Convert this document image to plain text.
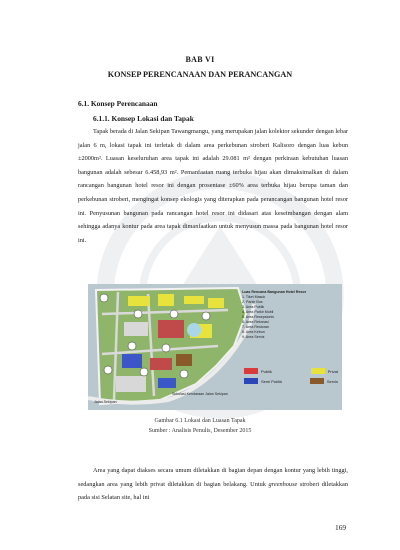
BAB VI
KONSEP PERENCANAAN DAN PERANCANGAN
6.1. Konsep Perencanaan
6.1.1. Konsep Lokasi dan Tapak
Tapak berada di Jalan Sekipan Tawangmangu, yang merupakan jalan kolektor sekunder dengan lebar jalan 6 m, lokasi tapak ini terletak di dalam area perkebunan stroberi Kalisoro dengan luas kebun ±2000m². Luasan keseluruhan area tapak ini adalah 29.081 m² dengan perkiraan kebutuhan luasan bangunan adalah sebesar 6.458,93 m². Pemanfaatan ruang terbuka hijau akan dimaksimalkan di dalam rancangan bangunan hotel resor ini dengan prosentase ±60% area terbuka hijau berupa taman dan perkebunan stroberi, mengingat konsep ekologis yang diterapkan pada perancangan bangunan hotel resor ini. Penyusunan bangunan pada rancangan hotel resor ini didasari atas keseimbangan dengan alam sehingga adanya kontur pada area tapak dimanfaatkan untuk menyusun massa pada bangunan hotel resor ini.
Luas Rencana Bangunan Hotel Resor
1. Tiket Masuk
2. Parkir Bus
3. Area Publik
4. Area Parkir Mobil
5. Area Resepsionis
6. Area Rekreasi
7. Area Restoran
8. Area Kebun
9. Area Servis
Publik	Privat
Semi Publik	Servis
Sirkulasi Kendaraan Jalan Sekipan
Jalan Sekipan
Gambar 6.1 Lokasi dan Luasan Tapak
Sumber : Analisis Penulis, Desember 2015
Area yang dapat diakses secara umum diletakkan di bagian depan dengan kontur yang lebih tinggi, sedangkan area yang lebih privat diletakkan di bagian belakang. Untuk greenhouse stroberi diletakkan pada sisi Selatan site, hal ini
169
